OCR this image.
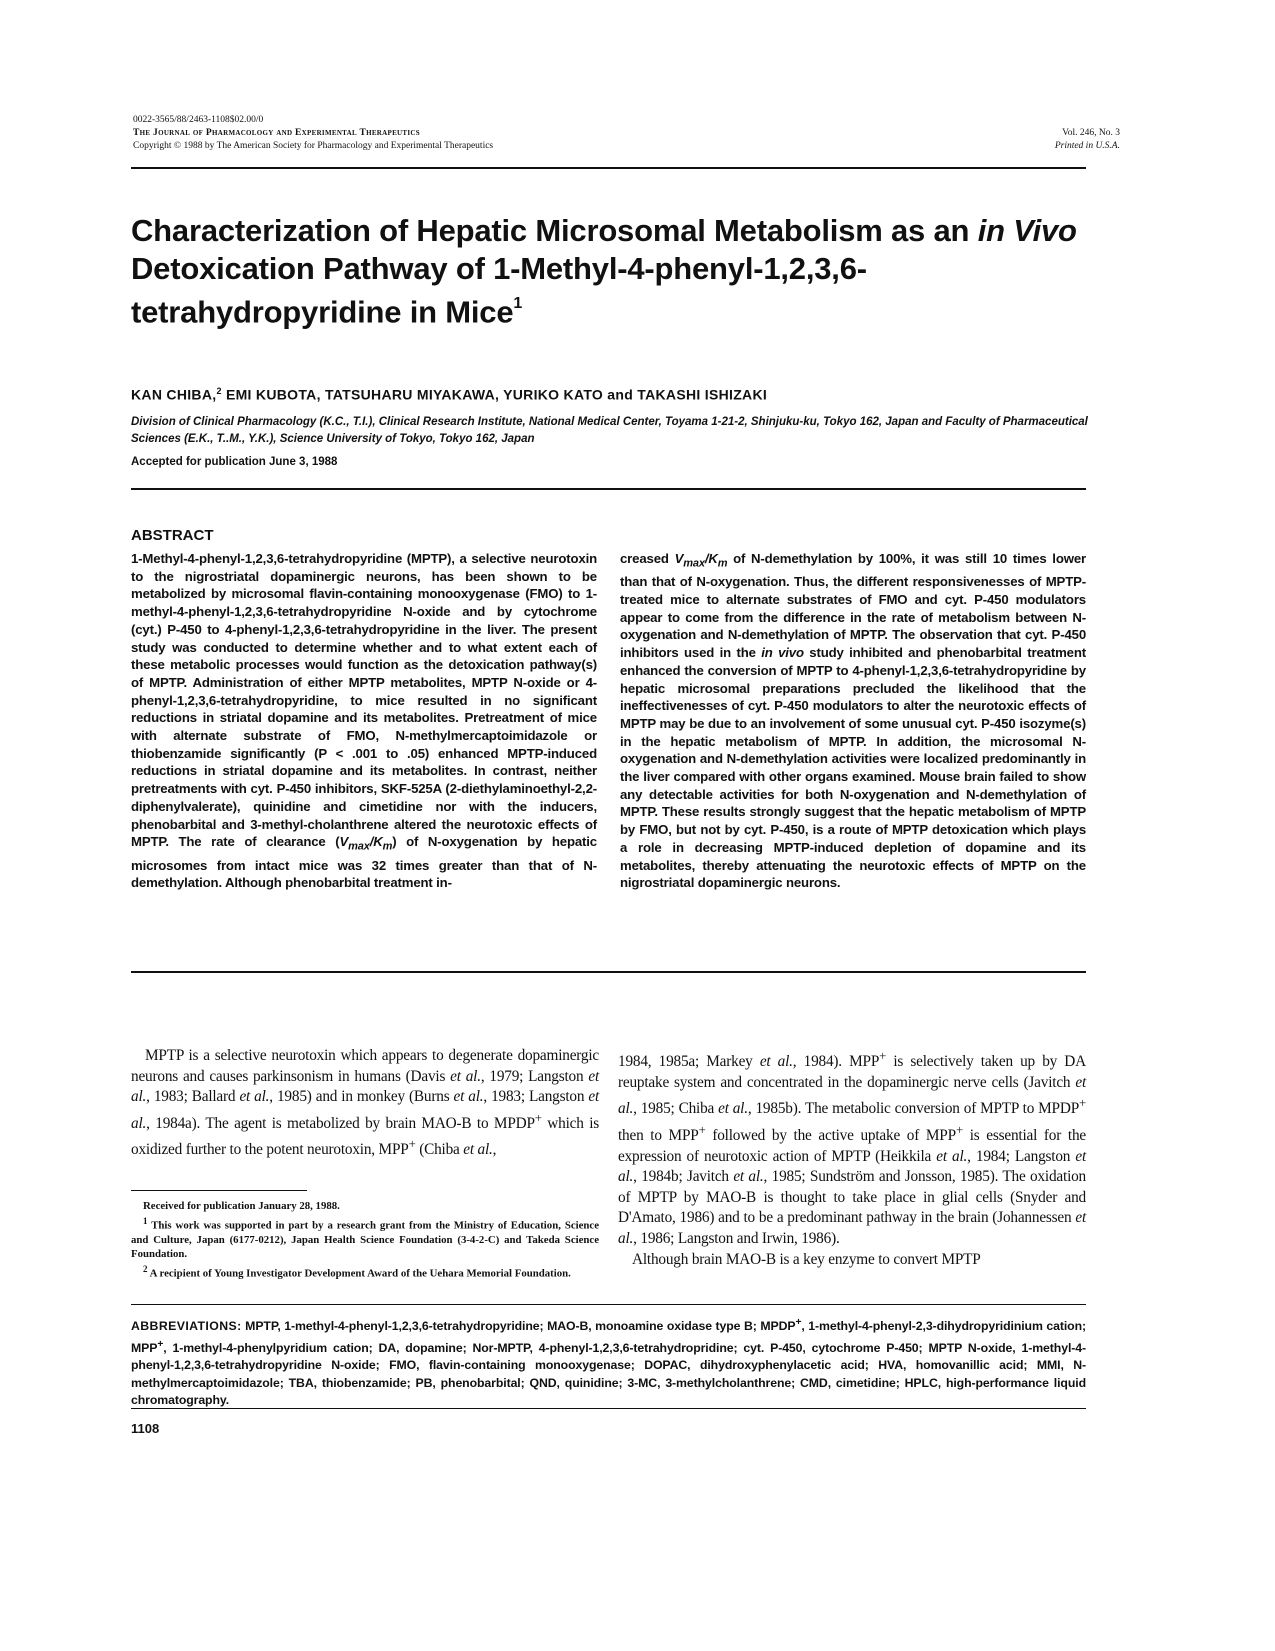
0022-3565/88/2463-1108$02.00/0
The Journal of Pharmacology and Experimental Therapeutics
Copyright © 1988 by The American Society for Pharmacology and Experimental Therapeutics
Vol. 246, No. 3
Printed in U.S.A.
Characterization of Hepatic Microsomal Metabolism as an in Vivo
Detoxication Pathway of 1-Methyl-4-phenyl-1,2,3,6-
tetrahydropyridine in Mice$^1$
KAN CHIBA,$^2$ EMI KUBOTA, TATSUHARU MIYAKAWA, YURIKO KATO and TAKASHI ISHIZAKI
Division of Clinical Pharmacology (K.C., T.I.), Clinical Research Institute, National Medical Center, Toyama 1-21-2, Shinjuku-ku, Tokyo 162, Japan and Faculty of Pharmaceutical Sciences (E.K., T..M., Y.K.), Science University of Tokyo, Tokyo 162, Japan
Accepted for publication June 3, 1988
ABSTRACT
1-Methyl-4-phenyl-1,2,3,6-tetrahydropyridine (MPTP), a selective neurotoxin to the nigrostriatal dopaminergic neurons, has been shown to be metabolized by microsomal flavin-containing monooxygenase (FMO) to 1-methyl-4-phenyl-1,2,3,6-tetrahydropyridine N-oxide and by cytochrome (cyt.) P-450 to 4-phenyl-1,2,3,6-tetrahydropyridine in the liver. The present study was conducted to determine whether and to what extent each of these metabolic processes would function as the detoxication pathway(s) of MPTP. Administration of either MPTP metabolites, MPTP N-oxide or 4-phenyl-1,2,3,6-tetrahydropyridine, to mice resulted in no significant reductions in striatal dopamine and its metabolites. Pretreatment of mice with alternate substrate of FMO, N-methylmercaptoimidazole or thiobenzamide significantly (P < .001 to .05) enhanced MPTP-induced reductions in striatal dopamine and its metabolites. In contrast, neither pretreatments with cyt. P-450 inhibitors, SKF-525A (2-diethylaminoethyl-2,2-diphenylvalerate), quinidine and cimetidine nor with the inducers, phenobarbital and 3-methyl-cholanthrene altered the neurotoxic effects of MPTP. The rate of clearance $(V_{max}/K_m)$ of N-oxygenation by hepatic microsomes from intact mice was 32 times greater than that of N-demethylation. Although phenobarbital treatment in-
creased $V_{max}/K_m$ of N-demethylation by 100%, it was still 10 times lower than that of N-oxygenation. Thus, the different responsivenesses of MPTP-treated mice to alternate substrates of FMO and cyt. P-450 modulators appear to come from the difference in the rate of metabolism between N-oxygenation and N-demethylation of MPTP. The observation that cyt. P-450 inhibitors used in the in vivo study inhibited and phenobarbital treatment enhanced the conversion of MPTP to 4-phenyl-1,2,3,6-tetrahydropyridine by hepatic microsomal preparations precluded the likelihood that the ineffectivenesses of cyt. P-450 modulators to alter the neurotoxic effects of MPTP may be due to an involvement of some unusual cyt. P-450 isozyme(s) in the hepatic metabolism of MPTP. In addition, the microsomal N-oxygenation and N-demethylation activities were localized predominantly in the liver compared with other organs examined. Mouse brain failed to show any detectable activities for both N-oxygenation and N-demethylation of MPTP. These results strongly suggest that the hepatic metabolism of MPTP by FMO, but not by cyt. P-450, is a route of MPTP detoxication which plays a role in decreasing MPTP-induced depletion of dopamine and its metabolites, thereby attenuating the neurotoxic effects of MPTP on the nigrostriatal dopaminergic neurons.

MPTP is a selective neurotoxin which appears to degenerate dopaminergic neurons and causes parkinsonism in humans (Davis et al., 1979; Langston et al., 1983; Ballard et al., 1985) and in monkey (Burns et al., 1983; Langston et al., 1984a). The agent is metabolized by brain MAO-B to MPDP+ which is oxidized further to the potent neurotoxin, MPP+ (Chiba et al.,

1984, 1985a; Markey et al., 1984). MPP+ is selectively taken up by DA reuptake system and concentrated in the dopaminergic nerve cells (Javitch et al., 1985; Chiba et al., 1985b). The metabolic conversion of MPTP to MPDP+ then to MPP+ followed by the active uptake of MPP+ is essential for the expression of neurotoxic action of MPTP (Heikkila et al., 1984; Langston et al., 1984b; Javitch et al., 1985; Sundström and Jonsson, 1985). The oxidation of MPTP by MAO-B is thought to take place in glial cells (Snyder and D'Amato, 1986) and to be a predominant pathway in the brain (Johannessen et al., 1986; Langston and Irwin, 1986).

Although brain MAO-B is a key enzyme to convert MPTP

Received for publication January 28, 1988.

$^1$ This work was supported in part by a research grant from the Ministry of Education, Science and Culture, Japan (6177-0212), Japan Health Science Foundation (3-4-2-C) and Takeda Science Foundation.

$^2$ A recipient of Young Investigator Development Award of the Uehara Memorial Foundation.

ABBREVIATIONS: MPTP, 1-methyl-4-phenyl-1,2,3,6-tetrahydropyridine; MAO-B, monoamine oxidase type B; MPDP+, 1-methyl-4-phenyl-2,3-dihydropyridinium cation; MPP+, 1-methyl-4-phenylpyridium cation; DA, dopamine; Nor-MPTP, 4-phenyl-1,2,3,6-tetrahydropridine; cyt. P-450, cytochrome P-450; MPTP N-oxide, 1-methyl-4-phenyl-1,2,3,6-tetrahydropyridine N-oxide; FMO, flavin-containing monooxygenase; DOPAC, dihydroxyphenylacetic acid; HVA, homovanillic acid; MMI, N-methylmercaptoimidazole; TBA, thiobenzamide; PB, phenobarbital; QND, quinidine; 3-MC, 3-methylcholanthrene; CMD, cimetidine; HPLC, high-performance liquid chromatography.
1108
